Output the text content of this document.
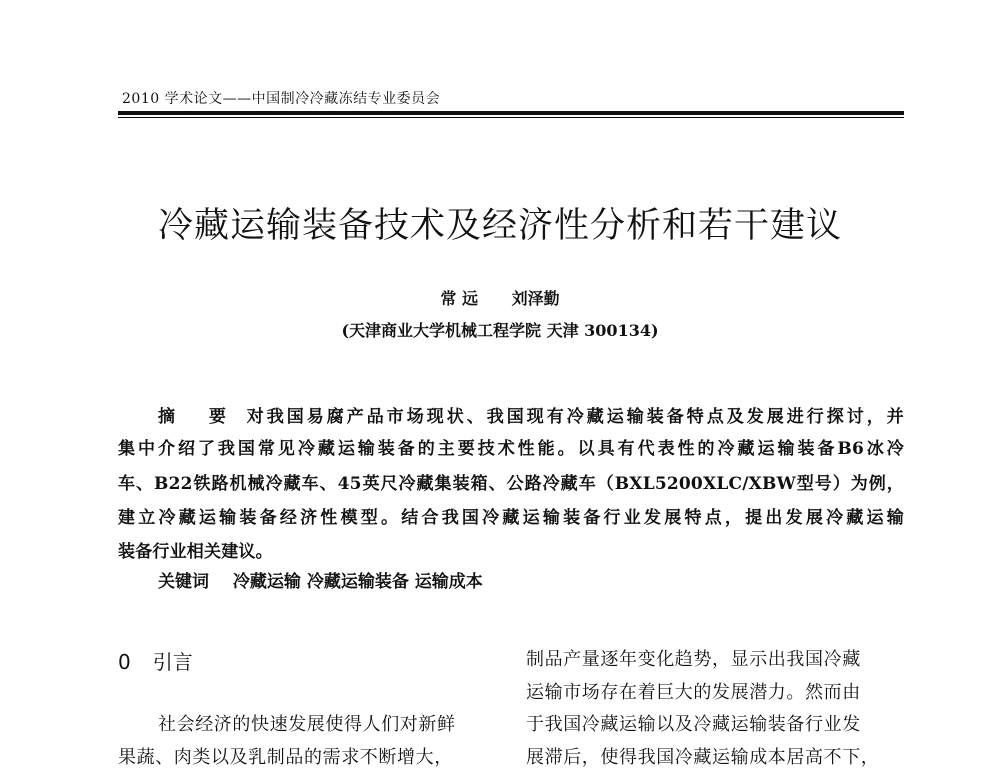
2010 学术论文——中国制冷冷藏冻结专业委员会
冷藏运输装备技术及经济性分析和若干建议
常 远 刘泽勤
(天津商业大学机械工程学院 天津 300134)
摘 要 对我国易腐产品市场现状、我国现有冷藏运输装备特点及发展进行探讨，并
集中介绍了我国常见冷藏运输装备的主要技术性能。以具有代表性的冷藏运输装备B6冰冷
车、B22铁路机械冷藏车、45英尺冷藏集装箱、公路冷藏车（BXL5200XLC/XBW型号）为例，
建立冷藏运输装备经济性模型。结合我国冷藏运输装备行业发展特点，提出发展冷藏运输
装备行业相关建议。
关键词 冷藏运输 冷藏运输装备 运输成本
0 引言
社会经济的快速发展使得人们对新鲜
果蔬、肉类以及乳制品的需求不断增大，
制品产量逐年变化趋势，显示出我国冷藏
运输市场存在着巨大的发展潜力。然而由
于我国冷藏运输以及冷藏运输装备行业发
展滞后，使得我国冷藏运输成本居高不下，
